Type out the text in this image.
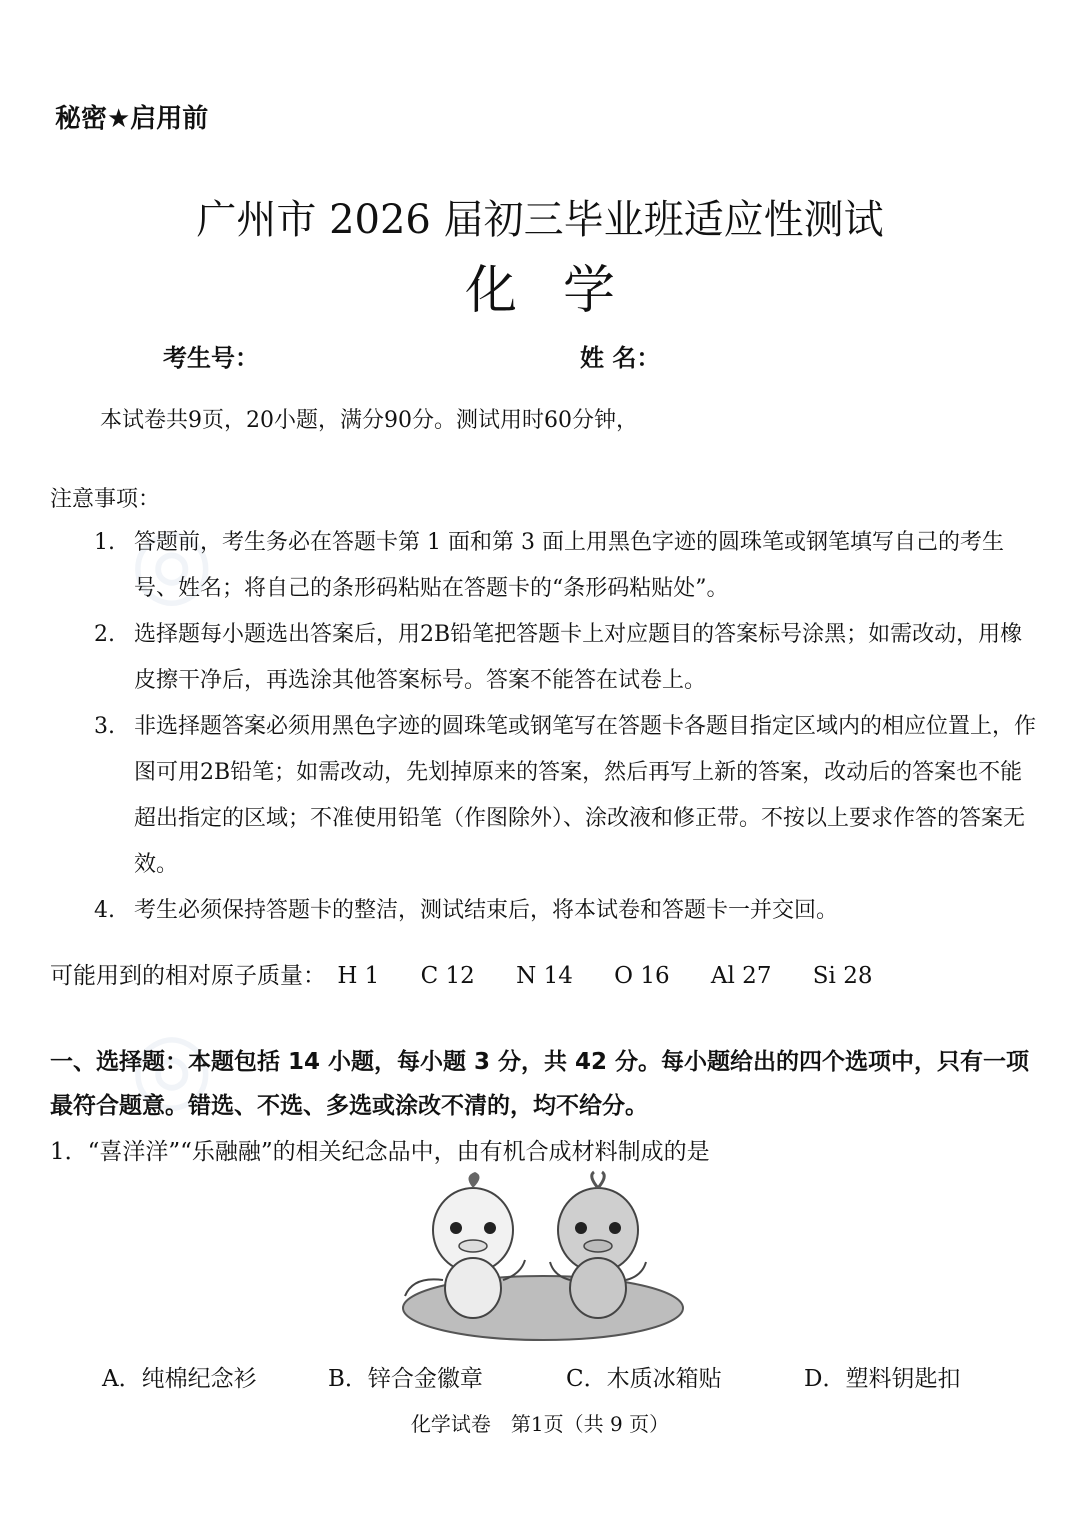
◎
◎
秘密★启用前
广州市 2026 届初三毕业班适应性测试
化学
考生号：	姓 名：
本试卷共9页，20小题，满分90分。测试用时60分钟，
注意事项：
1. 答题前，考生务必在答题卡第 1 面和第 3 面上用黑色字迹的圆珠笔或钢笔填写自己的考生号、姓名；将自己的条形码粘贴在答题卡的“条形码粘贴处”。
2. 选择题每小题选出答案后，用2B铅笔把答题卡上对应题目的答案标号涂黑；如需改动，用橡皮擦干净后，再选涂其他答案标号。答案不能答在试卷上。
3. 非选择题答案必须用黑色字迹的圆珠笔或钢笔写在答题卡各题目指定区域内的相应位置上，作图可用2B铅笔；如需改动，先划掉原来的答案，然后再写上新的答案，改动后的答案也不能超出指定的区域；不准使用铅笔（作图除外）、涂改液和修正带。不按以上要求作答的答案无效。
4. 考生必须保持答题卡的整洁，测试结束后，将本试卷和答题卡一并交回。
可能用到的相对原子质量： H 1 C 12 N 14 O 16 Al 27 Si 28
一、选择题：本题包括 14 小题，每小题 3 分，共 42 分。每小题给出的四个选项中，只有一项最符合题意。错选、不选、多选或涂改不清的，均不给分。
1．“喜洋洋”“乐融融”的相关纪念品中，由有机合成材料制成的是
A．纯棉纪念衫	B．锌合金徽章	C．木质冰箱贴	D．塑料钥匙扣
化学试卷　第1页（共 9 页）
